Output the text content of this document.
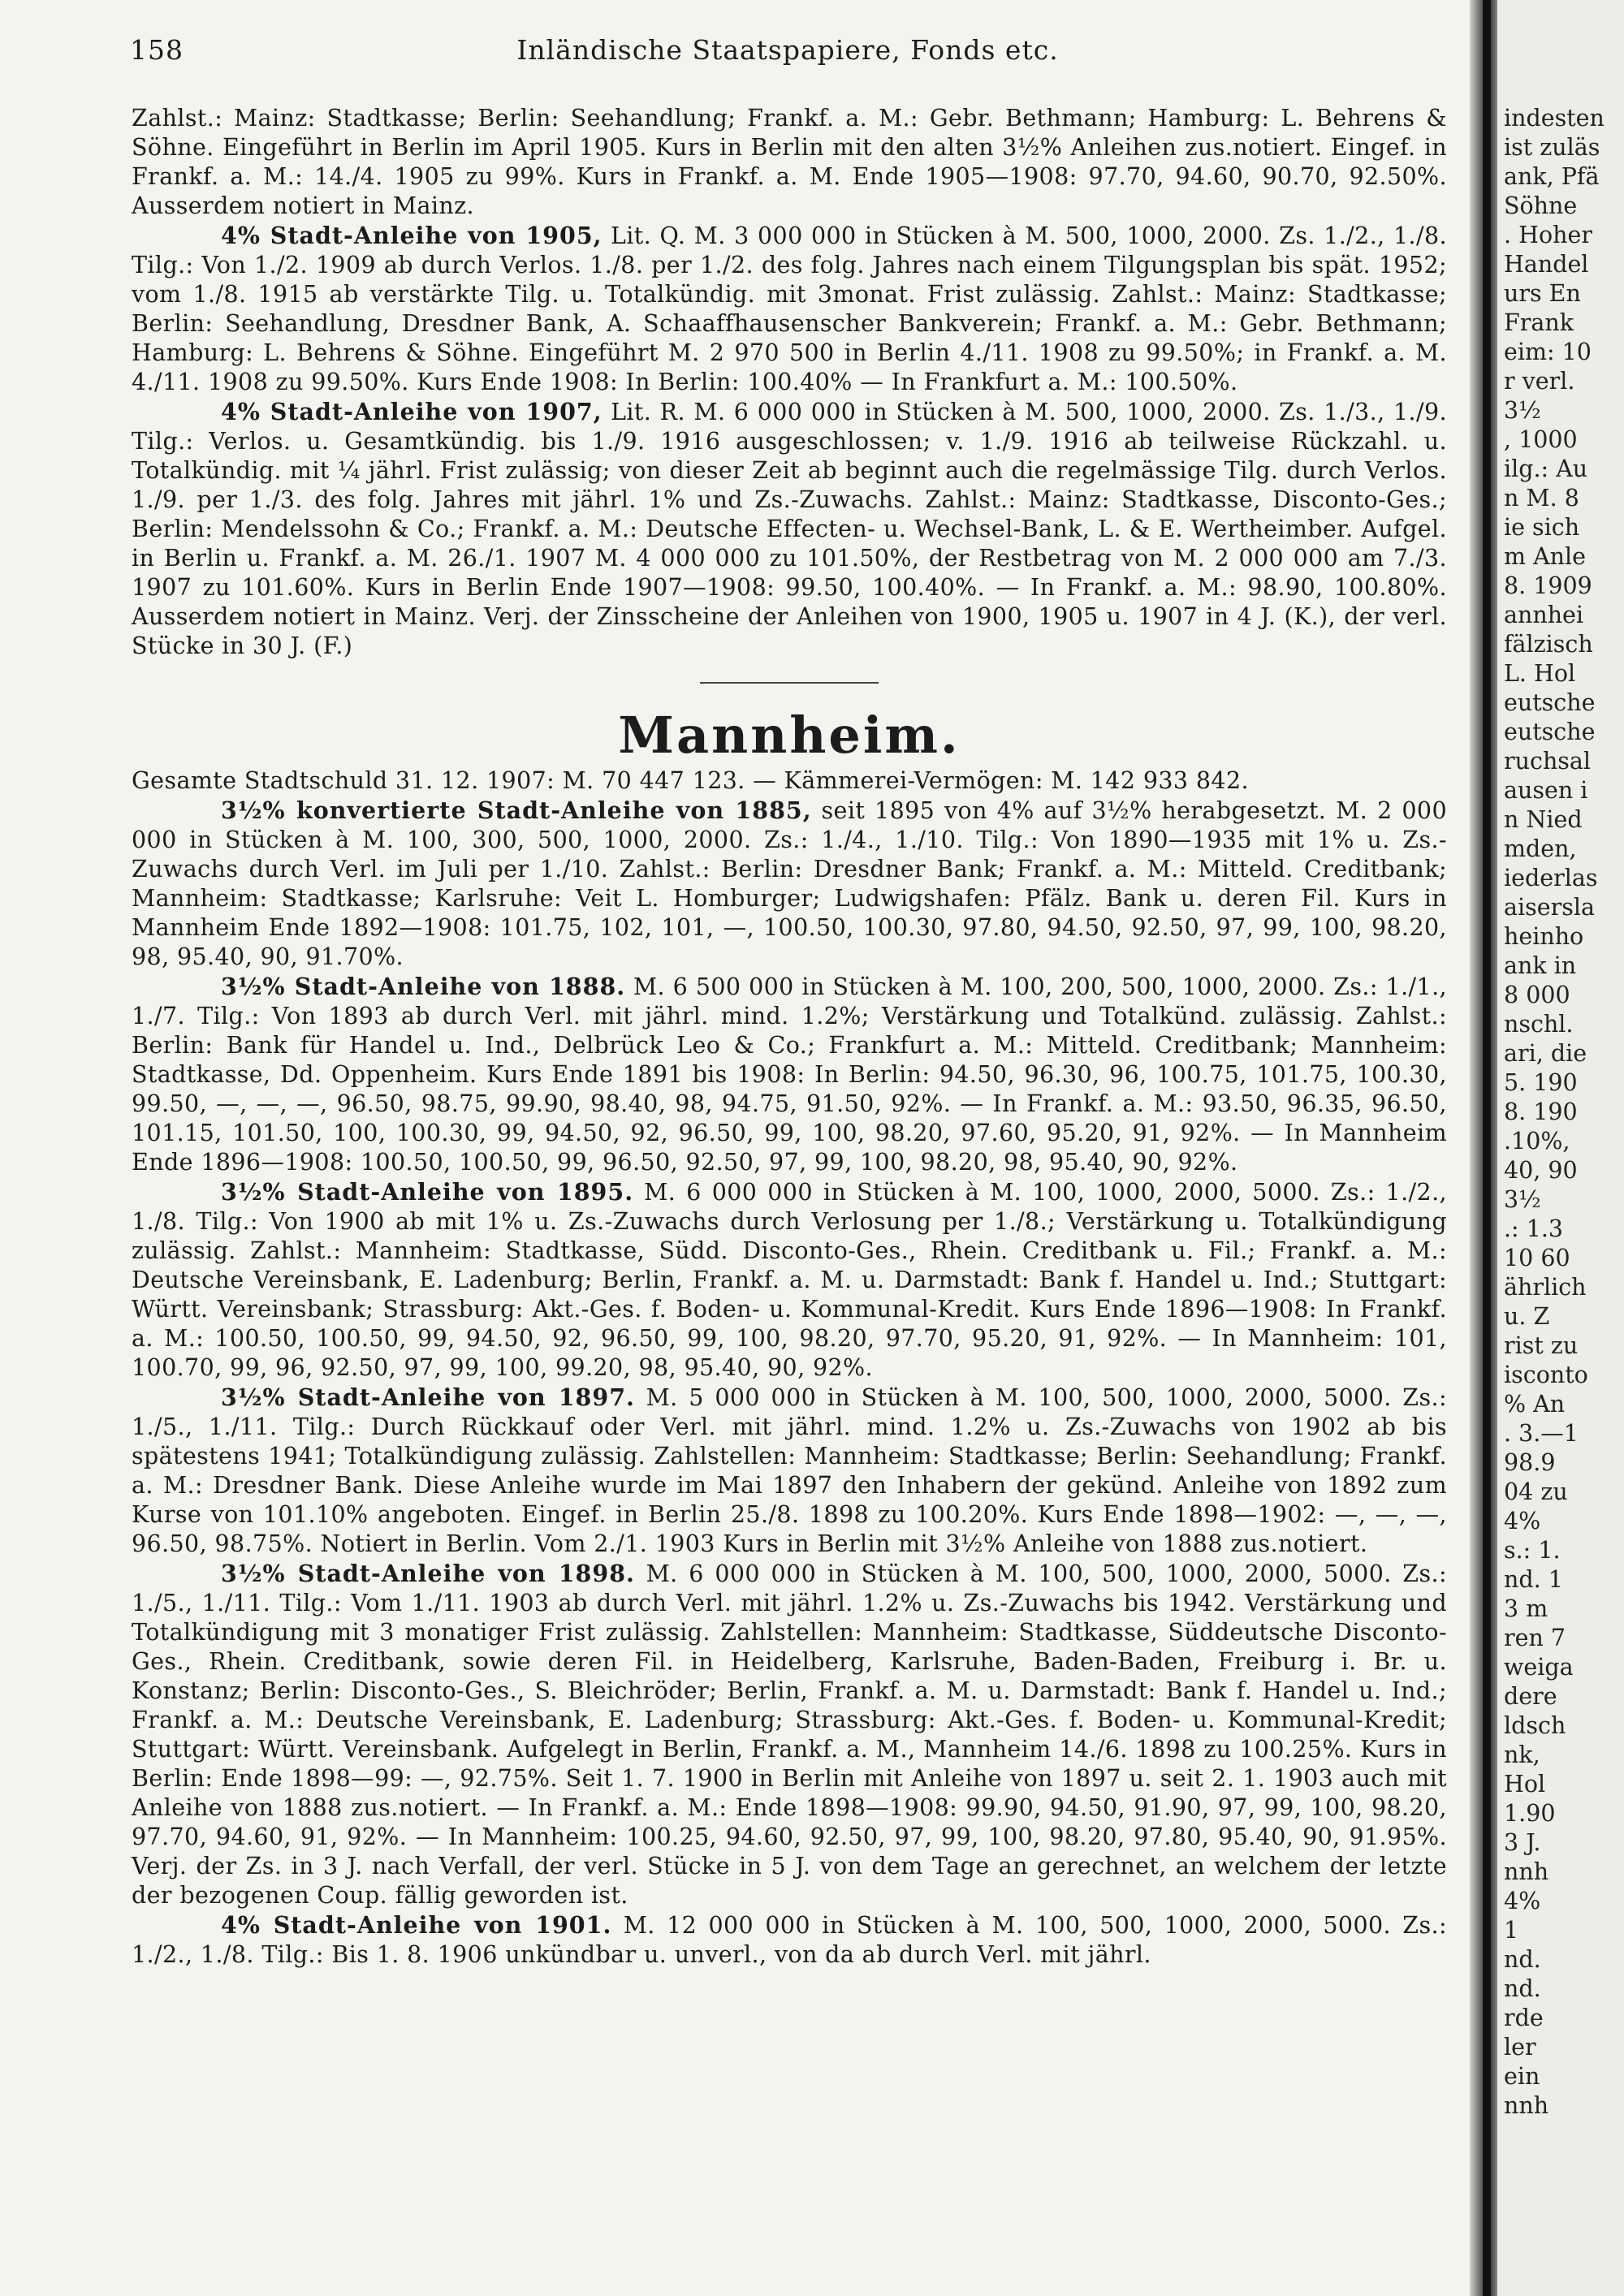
158	Inländische Staatspapiere, Fonds etc.

Zahlst.: Mainz: Stadtkasse; Berlin: Seehandlung; Frankf. a. M.: Gebr. Bethmann; Hamburg: L. Behrens & Söhne. Eingeführt in Berlin im April 1905. Kurs in Berlin mit den alten 3½% Anleihen zus.notiert. Eingef. in Frankf. a. M.: 14./4. 1905 zu 99%. Kurs in Frankf. a. M. Ende 1905—1908: 97.70, 94.60, 90.70, 92.50%. Ausserdem notiert in Mainz.

4% Stadt-Anleihe von 1905, Lit. Q. M. 3 000 000 in Stücken à M. 500, 1000, 2000. Zs. 1./2., 1./8. Tilg.: Von 1./2. 1909 ab durch Verlos. 1./8. per 1./2. des folg. Jahres nach einem Tilgungsplan bis spät. 1952; vom 1./8. 1915 ab verstärkte Tilg. u. Totalkündig. mit 3monat. Frist zulässig. Zahlst.: Mainz: Stadtkasse; Berlin: Seehandlung, Dresdner Bank, A. Schaaffhausenscher Bankverein; Frankf. a. M.: Gebr. Bethmann; Hamburg: L. Behrens & Söhne. Eingeführt M. 2 970 500 in Berlin 4./11. 1908 zu 99.50%; in Frankf. a. M. 4./11. 1908 zu 99.50%. Kurs Ende 1908: In Berlin: 100.40% — In Frankfurt a. M.: 100.50%.

4% Stadt-Anleihe von 1907, Lit. R. M. 6 000 000 in Stücken à M. 500, 1000, 2000. Zs. 1./3., 1./9. Tilg.: Verlos. u. Gesamtkündig. bis 1./9. 1916 ausgeschlossen; v. 1./9. 1916 ab teilweise Rückzahl. u. Totalkündig. mit ¼ jährl. Frist zulässig; von dieser Zeit ab beginnt auch die regelmässige Tilg. durch Verlos. 1./9. per 1./3. des folg. Jahres mit jährl. 1% und Zs.-Zuwachs. Zahlst.: Mainz: Stadtkasse, Disconto-Ges.; Berlin: Mendelssohn & Co.; Frankf. a. M.: Deutsche Effecten- u. Wechsel-Bank, L. & E. Wertheimber. Aufgel. in Berlin u. Frankf. a. M. 26./1. 1907 M. 4 000 000 zu 101.50%, der Restbetrag von M. 2 000 000 am 7./3. 1907 zu 101.60%. Kurs in Berlin Ende 1907—1908: 99.50, 100.40%. — In Frankf. a. M.: 98.90, 100.80%. Ausserdem notiert in Mainz. Verj. der Zinsscheine der Anleihen von 1900, 1905 u. 1907 in 4 J. (K.), der verl. Stücke in 30 J. (F.)

Mannheim.

Gesamte Stadtschuld 31. 12. 1907: M. 70 447 123. — Kämmerei-Vermögen: M. 142 933 842.

3½% konvertierte Stadt-Anleihe von 1885, seit 1895 von 4% auf 3½% herabgesetzt. M. 2 000 000 in Stücken à M. 100, 300, 500, 1000, 2000. Zs.: 1./4., 1./10. Tilg.: Von 1890—1935 mit 1% u. Zs.-Zuwachs durch Verl. im Juli per 1./10. Zahlst.: Berlin: Dresdner Bank; Frankf. a. M.: Mitteld. Creditbank; Mannheim: Stadtkasse; Karlsruhe: Veit L. Homburger; Ludwigshafen: Pfälz. Bank u. deren Fil. Kurs in Mannheim Ende 1892—1908: 101.75, 102, 101, —, 100.50, 100.30, 97.80, 94.50, 92.50, 97, 99, 100, 98.20, 98, 95.40, 90, 91.70%.

3½% Stadt-Anleihe von 1888. M. 6 500 000 in Stücken à M. 100, 200, 500, 1000, 2000. Zs.: 1./1., 1./7. Tilg.: Von 1893 ab durch Verl. mit jährl. mind. 1.2%; Verstärkung und Totalkünd. zulässig. Zahlst.: Berlin: Bank für Handel u. Ind., Delbrück Leo & Co.; Frankfurt a. M.: Mitteld. Creditbank; Mannheim: Stadtkasse, Dd. Oppenheim. Kurs Ende 1891 bis 1908: In Berlin: 94.50, 96.30, 96, 100.75, 101.75, 100.30, 99.50, —, —, —, 96.50, 98.75, 99.90, 98.40, 98, 94.75, 91.50, 92%. — In Frankf. a. M.: 93.50, 96.35, 96.50, 101.15, 101.50, 100, 100.30, 99, 94.50, 92, 96.50, 99, 100, 98.20, 97.60, 95.20, 91, 92%. — In Mannheim Ende 1896—1908: 100.50, 100.50, 99, 96.50, 92.50, 97, 99, 100, 98.20, 98, 95.40, 90, 92%.

3½% Stadt-Anleihe von 1895. M. 6 000 000 in Stücken à M. 100, 1000, 2000, 5000. Zs.: 1./2., 1./8. Tilg.: Von 1900 ab mit 1% u. Zs.-Zuwachs durch Verlosung per 1./8.; Verstärkung u. Totalkündigung zulässig. Zahlst.: Mannheim: Stadtkasse, Südd. Disconto-Ges., Rhein. Creditbank u. Fil.; Frankf. a. M.: Deutsche Vereinsbank, E. Ladenburg; Berlin, Frankf. a. M. u. Darmstadt: Bank f. Handel u. Ind.; Stuttgart: Württ. Vereinsbank; Strassburg: Akt.-Ges. f. Boden- u. Kommunal-Kredit. Kurs Ende 1896—1908: In Frankf. a. M.: 100.50, 100.50, 99, 94.50, 92, 96.50, 99, 100, 98.20, 97.70, 95.20, 91, 92%. — In Mannheim: 101, 100.70, 99, 96, 92.50, 97, 99, 100, 99.20, 98, 95.40, 90, 92%.

3½% Stadt-Anleihe von 1897. M. 5 000 000 in Stücken à M. 100, 500, 1000, 2000, 5000. Zs.: 1./5., 1./11. Tilg.: Durch Rückkauf oder Verl. mit jährl. mind. 1.2% u. Zs.-Zuwachs von 1902 ab bis spätestens 1941; Totalkündigung zulässig. Zahlstellen: Mannheim: Stadtkasse; Berlin: Seehandlung; Frankf. a. M.: Dresdner Bank. Diese Anleihe wurde im Mai 1897 den Inhabern der gekünd. Anleihe von 1892 zum Kurse von 101.10% angeboten. Eingef. in Berlin 25./8. 1898 zu 100.20%. Kurs Ende 1898—1902: —, —, —, 96.50, 98.75%. Notiert in Berlin. Vom 2./1. 1903 Kurs in Berlin mit 3½% Anleihe von 1888 zus.notiert.

3½% Stadt-Anleihe von 1898. M. 6 000 000 in Stücken à M. 100, 500, 1000, 2000, 5000. Zs.: 1./5., 1./11. Tilg.: Vom 1./11. 1903 ab durch Verl. mit jährl. 1.2% u. Zs.-Zuwachs bis 1942. Verstärkung und Totalkündigung mit 3 monatiger Frist zulässig. Zahlstellen: Mannheim: Stadtkasse, Süddeutsche Disconto-Ges., Rhein. Creditbank, sowie deren Fil. in Heidelberg, Karlsruhe, Baden-Baden, Freiburg i. Br. u. Konstanz; Berlin: Disconto-Ges., S. Bleichröder; Berlin, Frankf. a. M. u. Darmstadt: Bank f. Handel u. Ind.; Frankf. a. M.: Deutsche Vereinsbank, E. Ladenburg; Strassburg: Akt.-Ges. f. Boden- u. Kommunal-Kredit; Stuttgart: Württ. Vereinsbank. Aufgelegt in Berlin, Frankf. a. M., Mannheim 14./6. 1898 zu 100.25%. Kurs in Berlin: Ende 1898—99: —, 92.75%. Seit 1. 7. 1900 in Berlin mit Anleihe von 1897 u. seit 2. 1. 1903 auch mit Anleihe von 1888 zus.notiert. — In Frankf. a. M.: Ende 1898—1908: 99.90, 94.50, 91.90, 97, 99, 100, 98.20, 97.70, 94.60, 91, 92%. — In Mannheim: 100.25, 94.60, 92.50, 97, 99, 100, 98.20, 97.80, 95.40, 90, 91.95%. Verj. der Zs. in 3 J. nach Verfall, der verl. Stücke in 5 J. von dem Tage an gerechnet, an welchem der letzte der bezogenen Coup. fällig geworden ist.

4% Stadt-Anleihe von 1901. M. 12 000 000 in Stücken à M. 100, 500, 1000, 2000, 5000. Zs.: 1./2., 1./8. Tilg.: Bis 1. 8. 1906 unkündbar u. unverl., von da ab durch Verl. mit jährl.

indesten
ist zuläs
ank, Pfä
Söhne
. Hoher
Handel
urs En
Frank
eim: 10
r verl.
3½
, 1000
ilg.: Au
n M. 8
ie sich
m Anle
8. 1909
annhei
fälzisch
L. Hol
eutsche
eutsche
ruchsal
ausen i
n Nied
mden,
iederlas
aisersla
heinho
ank in
8 000
nschl.
ari, die
5. 190
8. 190
.10%,
40, 90
3½
.: 1.3
10 60
ährlich
u. Z
rist zu
isconto
% An
. 3.—1
98.9
04 zu
4%
s.: 1.
nd. 1
3 m
ren 7
weiga
dere
ldsch
nk,
Hol
1.90
3 J.
nnh
4%
1
nd.
nd.
rde
ler
ein
nnh
